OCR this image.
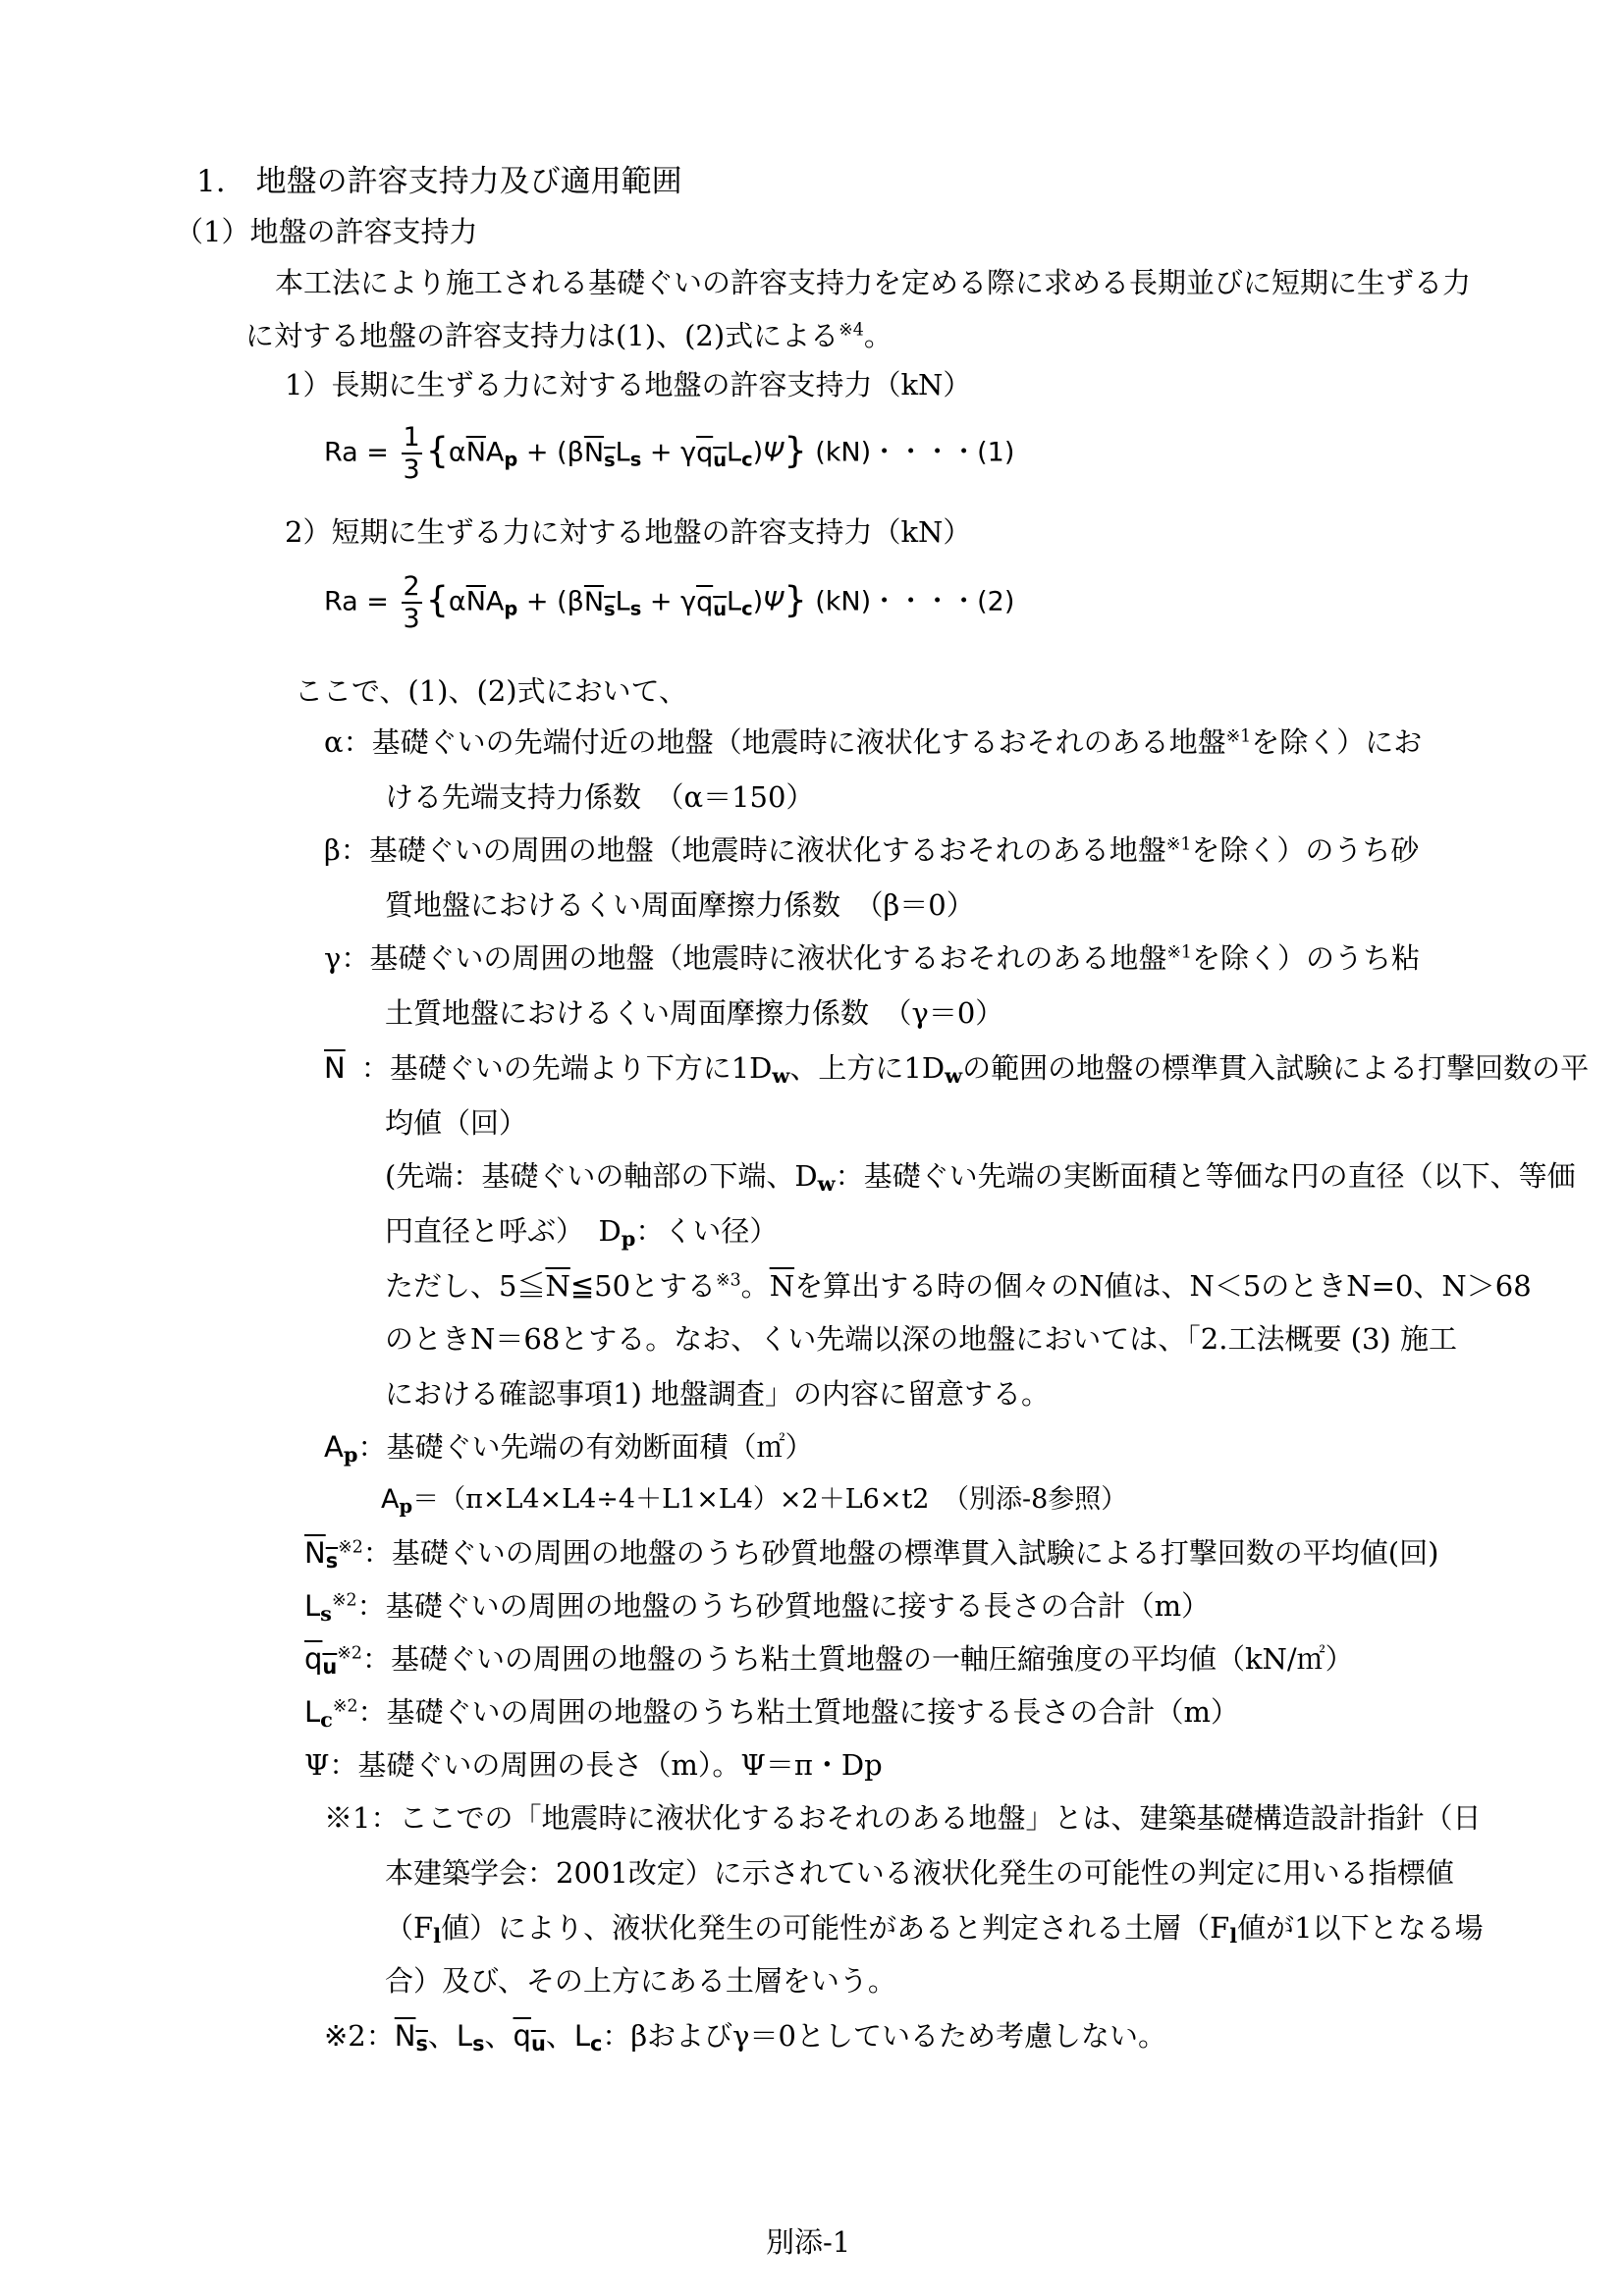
1.　地盤の許容支持力及び適用範囲
（1）地盤の許容支持力
本工法により施工される基礎ぐいの許容支持力を定める際に求める長期並びに短期に生ずる力
に対する地盤の許容支持力は(1)、(2)式による$^{※4}$。
1）長期に生ずる力に対する地盤の許容支持力（kN）
$Ra = \frac{1}{3} \{\alpha\overline{N}A_p + (\beta N_sL_s + \gamma q_uL_c)\Psi\}$ (kN)・・・・(1)
2）短期に生ずる力に対する地盤の許容支持力（kN）
$Ra = \frac{2}{3} \{\alpha\overline{N}A_p + (\beta N_sL_s + \gamma q_uL_c)\Psi\}$ (kN)・・・・(2)
ここで、(1)、(2)式において、
α：基礎ぐいの先端付近の地盤（地震時に液状化するおそれのある地盤$^{※1}$を除く）にお
ける先端支持力係数　（α＝150）
β：基礎ぐいの周囲の地盤（地震時に液状化するおそれのある地盤$^{※1}$を除く）のうち砂
質地盤におけるくい周面摩擦力係数　（β＝0）
γ：基礎ぐいの周囲の地盤（地震時に液状化するおそれのある地盤$^{※1}$を除く）のうち粘
土質地盤におけるくい周面摩擦力係数　（γ＝0）
$\overline{N}$ ：基礎ぐいの先端より下方に$1D_w$、上方に$1D_w$の範囲の地盤の標準貫入試験による打撃回数の平
均値（回）
(先端：基礎ぐいの軸部の下端、$D_w$：基礎ぐい先端の実断面積と等価な円の直径（以下、等価
円直径と呼ぶ）　$D_p$：くい径）
ただし、$5≦\overline{N}≦50$とする$^{※3}$。$\overline{N}$を算出する時の個々のN値は、N＜5のときN=0、N＞68
のときN＝68とする。なお、くい先端以深の地盤においては、「2.工法概要 (3) 施工
における確認事項1) 地盤調査」の内容に留意する。
$A_p$：基礎ぐい先端の有効断面積（㎡）
$A_p=(\pi\times L4\times L4\div 4+L1\times L4)\times 2+L6\times t2$　（別添-8参照）
$N_s^{※2}$：基礎ぐいの周囲の地盤のうち砂質地盤の標準貫入試験による打撃回数の平均値(回)
$L_s^{※2}$：基礎ぐいの周囲の地盤のうち砂質地盤に接する長さの合計（m）
$q_u^{※2}$：基礎ぐいの周囲の地盤のうち粘土質地盤の一軸圧縮強度の平均値（kN/㎡）
$L_c^{※2}$：基礎ぐいの周囲の地盤のうち粘土質地盤に接する長さの合計（m）
Ψ：基礎ぐいの周囲の長さ（m）。Ψ＝π・Dp
※1：ここでの「地震時に液状化するおそれのある地盤」とは、建築基礎構造設計指針（日
本建築学会：2001改定）に示されている液状化発生の可能性の判定に用いる指標値
（$F_l$値）により、液状化発生の可能性があると判定される土層（$F_l$値が1以下となる場
合）及び、その上方にある土層をいう。
※2：$N_s$、$L_s$、$q_u$、$L_c$：βおよびγ＝0としているため考慮しない。
別添-1
